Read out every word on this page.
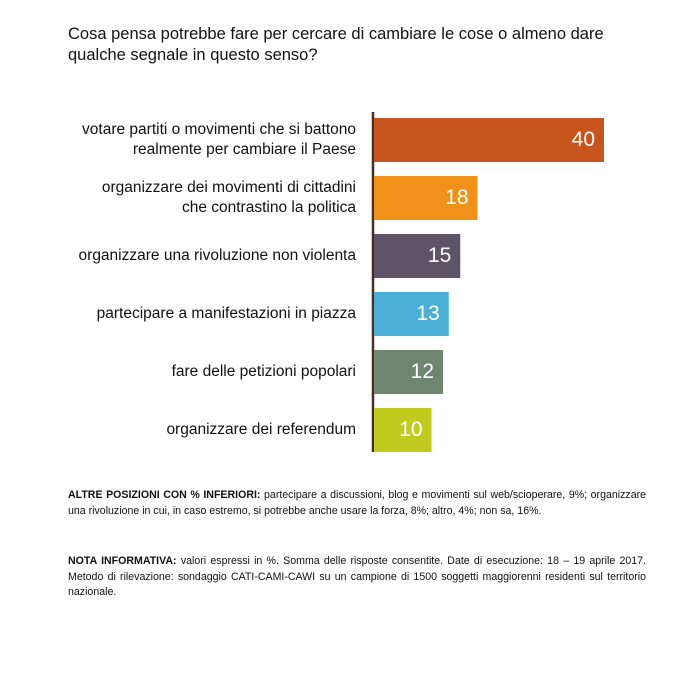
Cosa pensa potrebbe fare per cercare di cambiare le cose o almeno dare qualche segnale in questo senso?
40
votare partiti o movimenti che si battono
realmente per cambiare il Paese
18
organizzare dei movimenti di cittadini
che contrastino la politica
15
organizzare una rivoluzione non violenta
13
partecipare a manifestazioni in piazza
12
fare delle petizioni popolari
10
organizzare dei referendum
ALTRE POSIZIONI CON % INFERIORI: partecipare a discussioni, blog e movimenti sul web/scioperare, 9%; organizzare una rivoluzione in cui, in caso estremo, si potrebbe anche usare la forza, 8%; altro, 4%; non sa, 16%.
NOTA INFORMATIVA: valori espressi in %. Somma delle risposte consentite. Date di esecuzione: 18 – 19 aprile 2017. Metodo di rilevazione: sondaggio CATI-CAMI-CAWI su un campione di 1500 soggetti maggiorenni residenti sul territorio nazionale.
